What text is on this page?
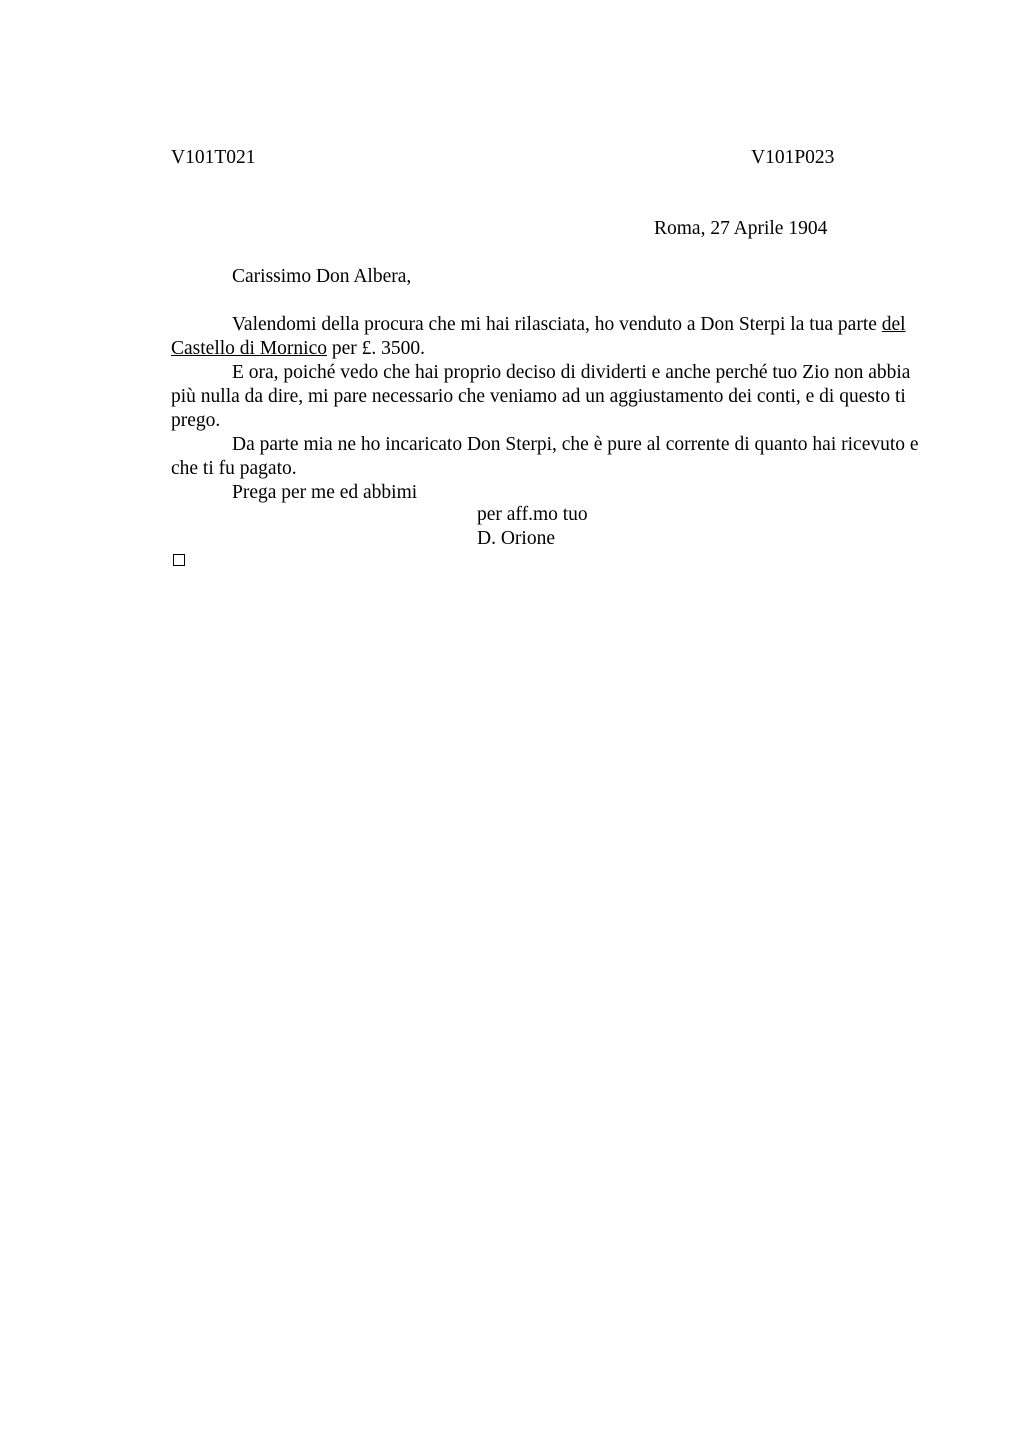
V101T021	V101P023
Roma, 27 Aprile 1904
Carissimo Don Albera,

Valendomi della procura che mi hai rilasciata, ho venduto a Don Sterpi la tua parte del Castello di Mornico per £. 3500.

E ora, poiché vedo che hai proprio deciso di dividerti e anche perché tuo Zio non abbia più nulla da dire, mi pare necessario che veniamo ad un aggiustamento dei conti, e di questo ti prego.

Da parte mia ne ho incaricato Don Sterpi, che è pure al corrente di quanto hai ricevuto e che ti fu pagato.

Prega per me ed abbimi

per aff.mo tuo
D. Orione
